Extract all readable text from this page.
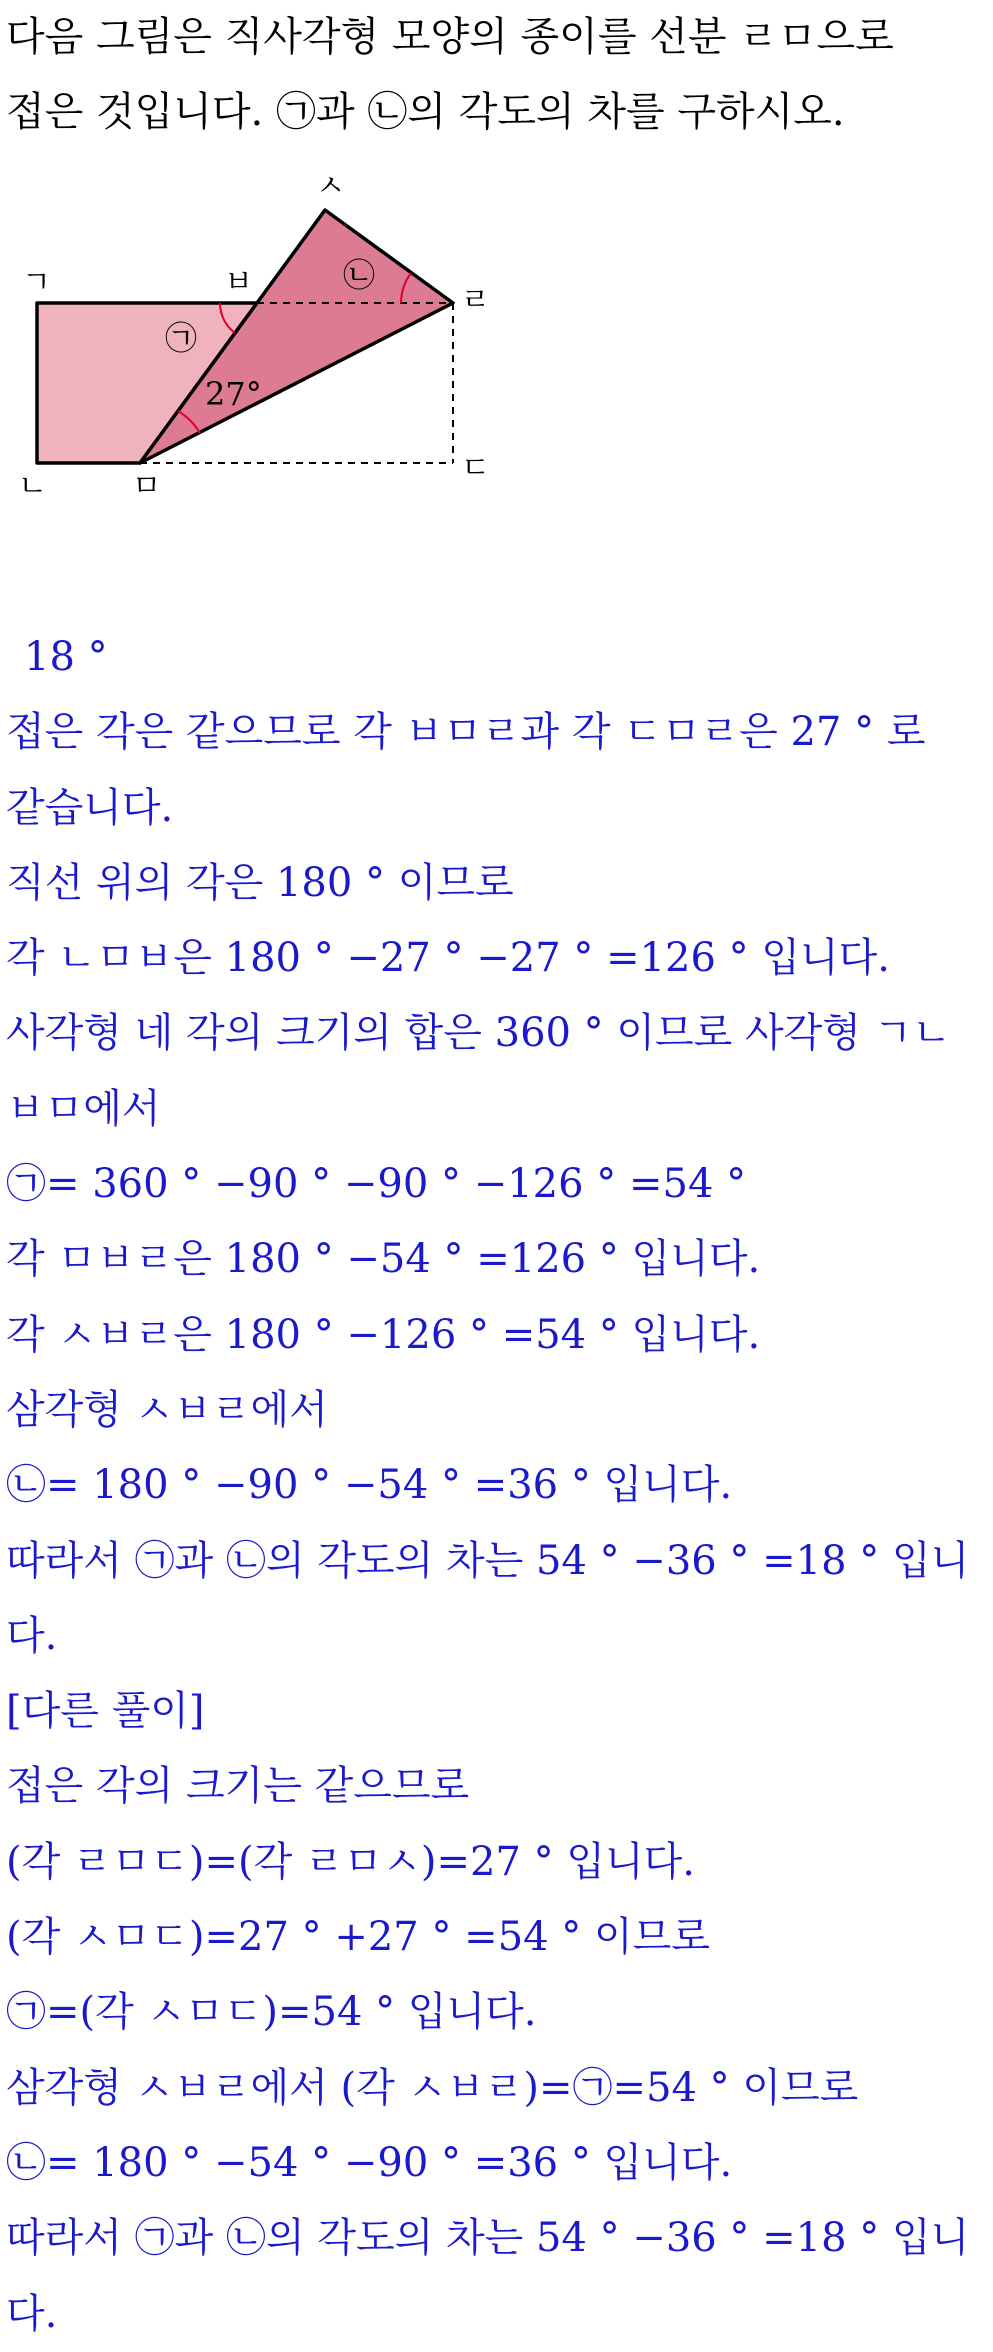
다음 그림은 직사각형 모양의 종이를 선분 ㄹㅁ으로
접은 것입니다. ㉠과 ㉡의 각도의 차를 구하시오.
ㄱ	ㅂ
ㅅ
ㄹ
ㄴ	ㅁ
ㄷ
㉠
㉡
27°
18 °
접은 각은 같으므로 각 ㅂㅁㄹ과 각 ㄷㅁㄹ은 27 ° 로
같습니다.
직선 위의 각은 180 ° 이므로
각 ㄴㅁㅂ은 180 ° −27 ° −27 ° =126 ° 입니다.
사각형 네 각의 크기의 합은 360 ° 이므로 사각형 ㄱㄴ
ㅂㅁ에서
㉠= 360 ° −90 ° −90 ° −126 ° =54 °
각 ㅁㅂㄹ은 180 ° −54 ° =126 ° 입니다.
각 ㅅㅂㄹ은 180 ° −126 ° =54 ° 입니다.
삼각형 ㅅㅂㄹ에서
㉡= 180 ° −90 ° −54 ° =36 ° 입니다.
따라서 ㉠과 ㉡의 각도의 차는 54 ° −36 ° =18 ° 입니
다.
[다른 풀이]
접은 각의 크기는 같으므로
(각 ㄹㅁㄷ)=(각 ㄹㅁㅅ)=27 ° 입니다.
(각 ㅅㅁㄷ)=27 ° +27 ° =54 ° 이므로
㉠=(각 ㅅㅁㄷ)=54 ° 입니다.
삼각형 ㅅㅂㄹ에서 (각 ㅅㅂㄹ)=㉠=54 ° 이므로
㉡= 180 ° −54 ° −90 ° =36 ° 입니다.
따라서 ㉠과 ㉡의 각도의 차는 54 ° −36 ° =18 ° 입니
다.
